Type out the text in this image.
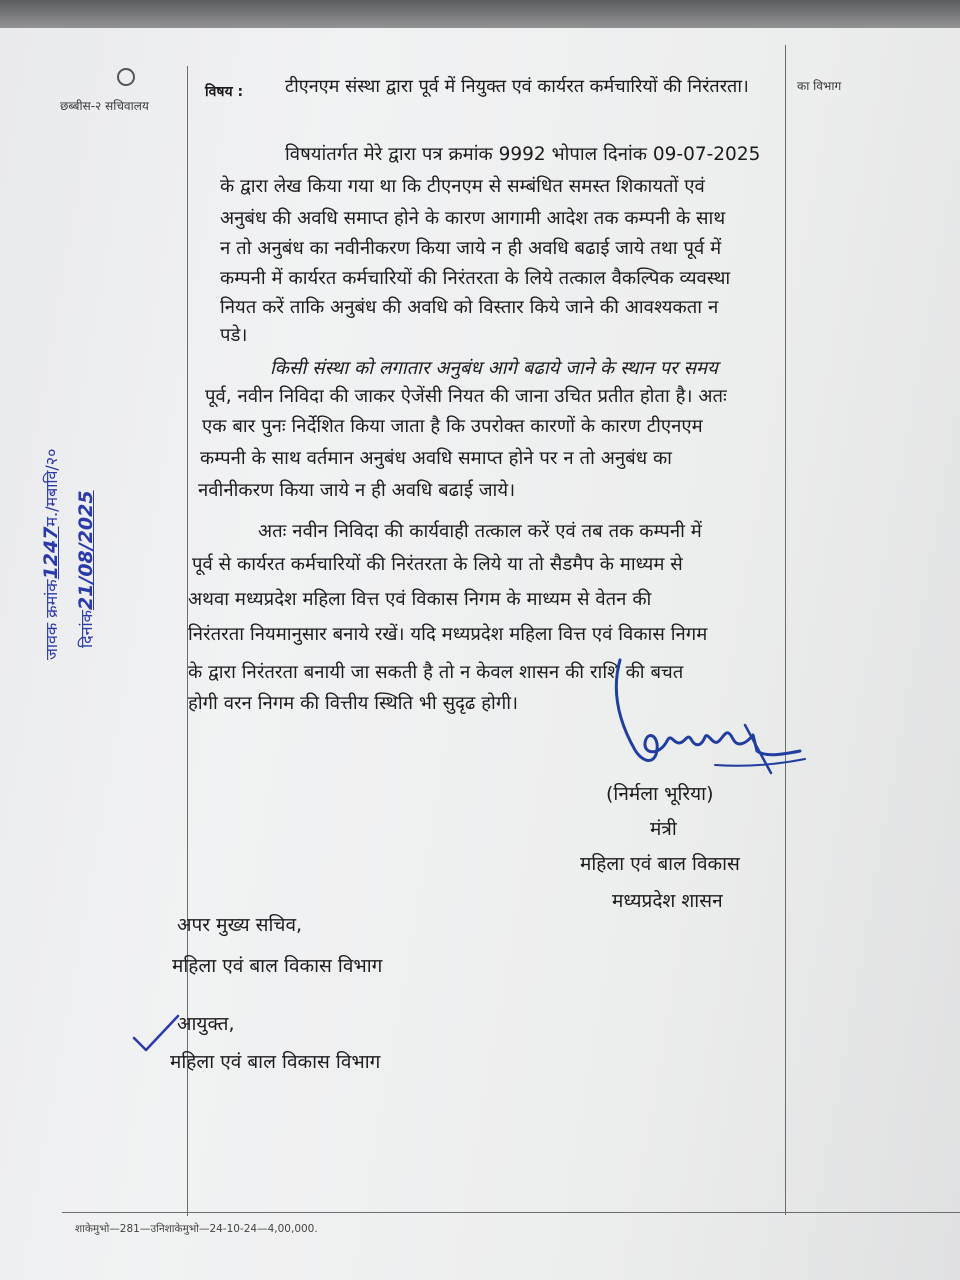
छब्बीस-२ सचिवालय
का विभाग
विषय : टीएनएम संस्था द्वारा पूर्व में नियुक्त एवं कार्यरत कर्मचारियों की निरंतरता।
विषयांतर्गत मेरे द्वारा पत्र क्रमांक 9992 भोपाल दिनांक 09-07-2025
के द्वारा लेख किया गया था कि टीएनएम से सम्बंधित समस्त शिकायतों एवं
अनुबंध की अवधि समाप्त होने के कारण आगामी आदेश तक कम्पनी के साथ
न तो अनुबंध का नवीनीकरण किया जाये न ही अवधि बढाई जाये तथा पूर्व में
कम्पनी में कार्यरत कर्मचारियों की निरंतरता के लिये तत्काल वैकल्पिक व्यवस्था
नियत करें ताकि अनुबंध की अवधि को विस्तार किये जाने की आवश्यकता न
पडे।
किसी संस्था को लगातार अनुबंध आगे बढाये जाने के स्थान पर समय
पूर्व, नवीन निविदा की जाकर ऐजेंसी नियत की जाना उचित प्रतीत होता है। अतः
एक बार पुनः निर्देशित किया जाता है कि उपरोक्त कारणों के कारण टीएनएम
कम्पनी के साथ वर्तमान अनुबंध अवधि समाप्त होने पर न तो अनुबंध का
नवीनीकरण किया जाये न ही अवधि बढाई जाये।
अतः नवीन निविदा की कार्यवाही तत्काल करें एवं तब तक कम्पनी में
पूर्व से कार्यरत कर्मचारियों की निरंतरता के लिये या तो सैडमैप के माध्यम से
अथवा मध्यप्रदेश महिला वित्त एवं विकास निगम के माध्यम से वेतन की
निरंतरता नियमानुसार बनाये रखें। यदि मध्यप्रदेश महिला वित्त एवं विकास निगम
के द्वारा निरंतरता बनायी जा सकती है तो न केवल शासन की राशि की बचत
होगी वरन निगम की वित्तीय स्थिति भी सुदृढ होगी।
(निर्मला भूरिया)
मंत्री
महिला एवं बाल विकास
मध्यप्रदेश शासन
अपर मुख्य सचिव,
महिला एवं बाल विकास विभाग
आयुक्त,
महिला एवं बाल विकास विभाग
जावक क्रमांक1247म./मबावि/२०
दिनांक21/08/2025
शाकेमुभो—281—उनिशाकेमुभो—24-10-24—4,00,000.
